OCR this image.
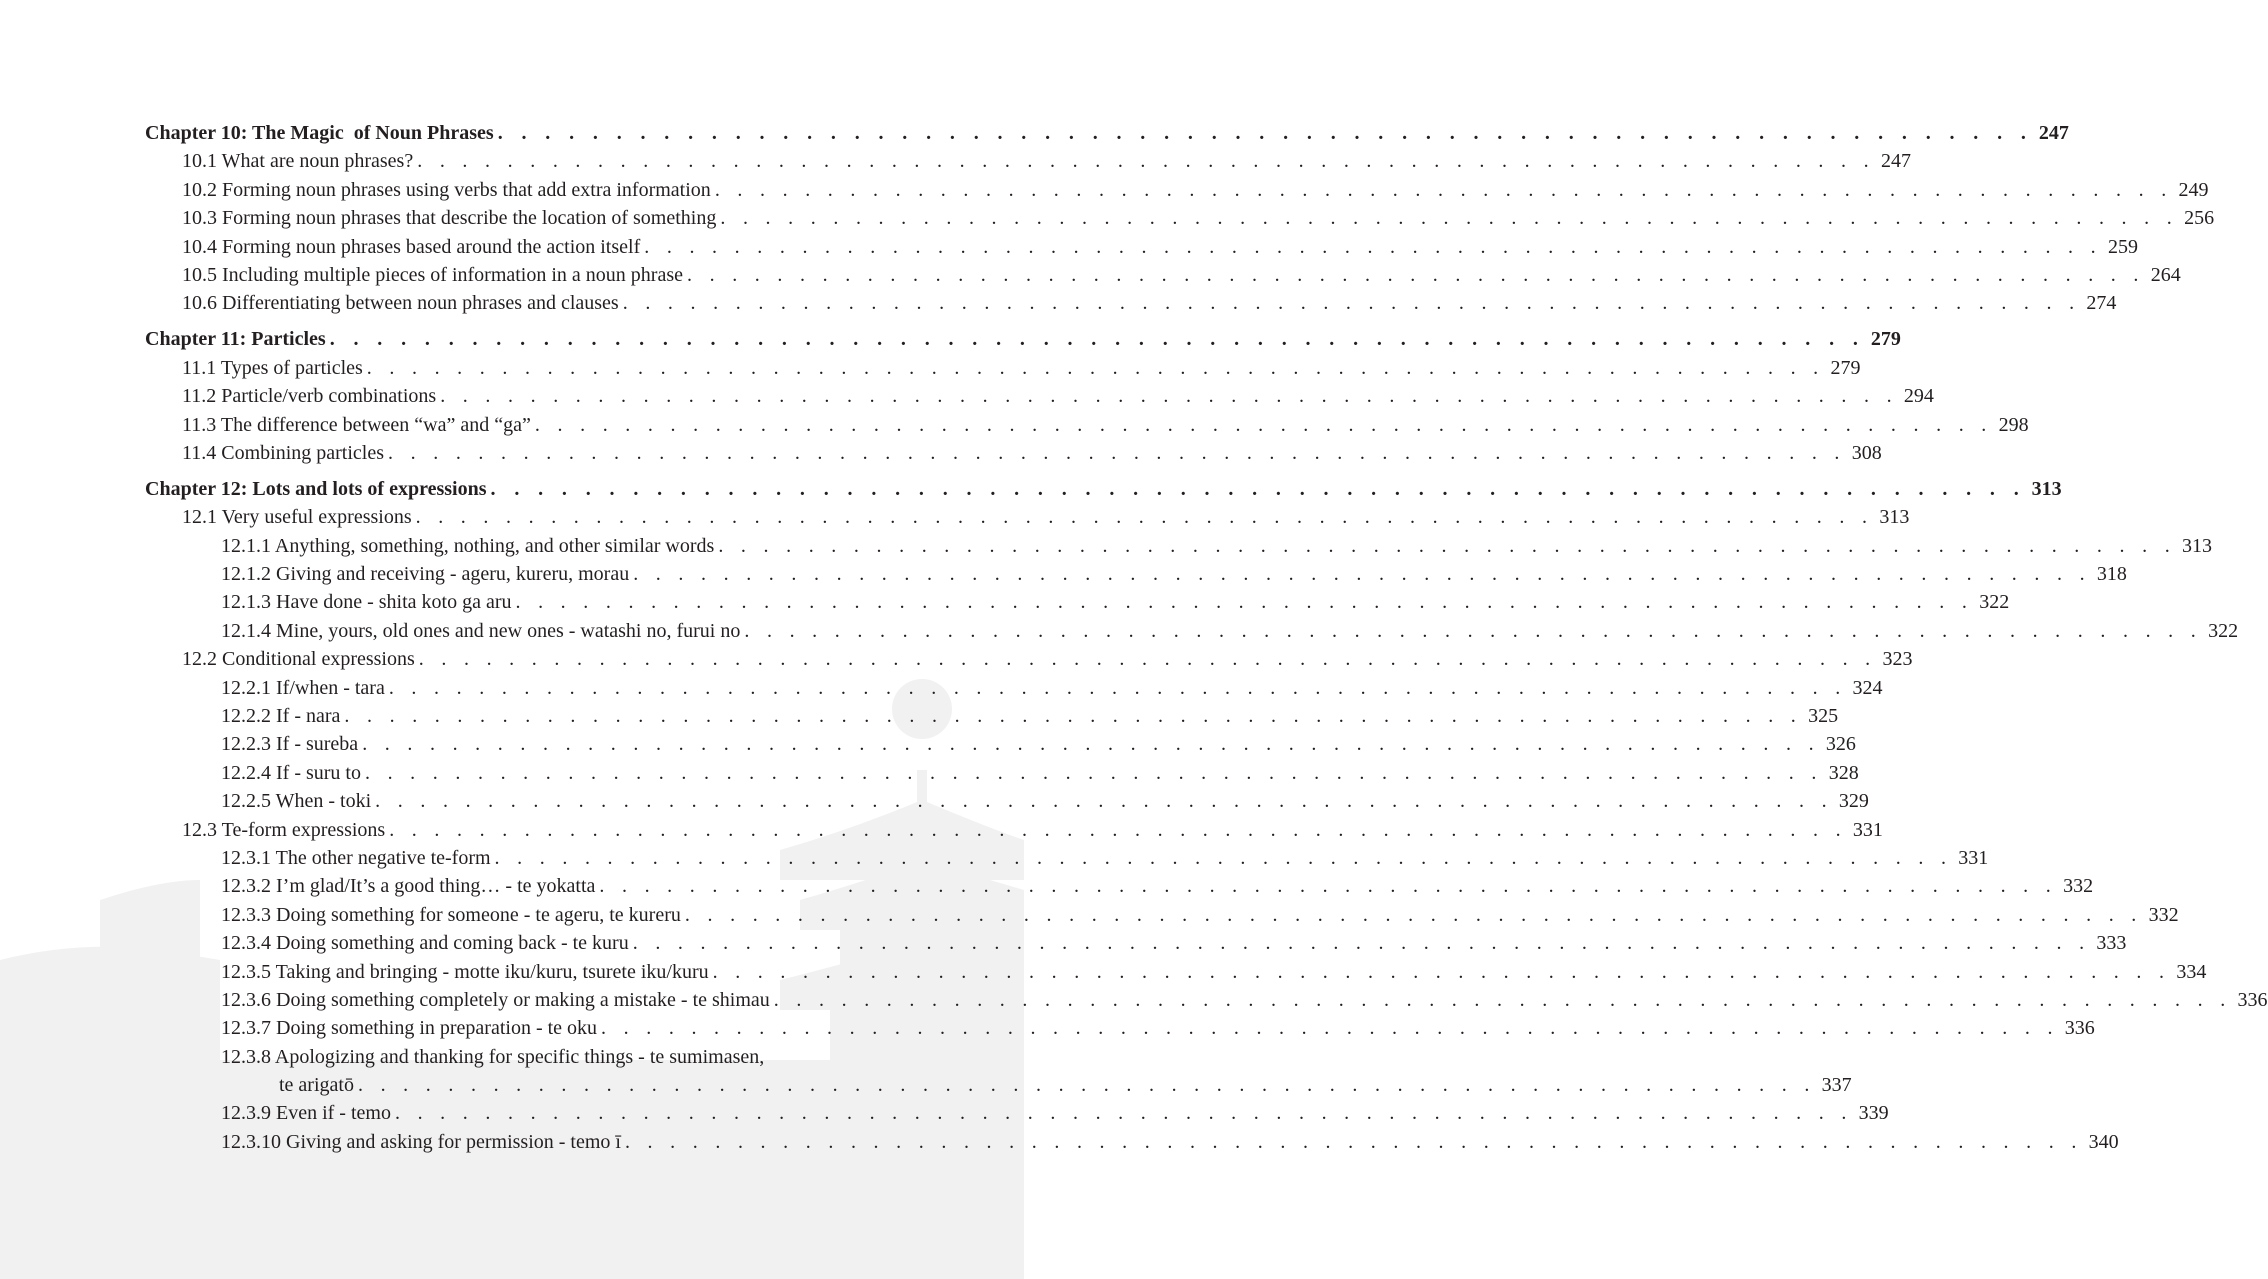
Chapter 10: The Magic  of Noun Phrases . . . . . . . . . . . . . . . . . . . . . . . . . . . . . . . . . . . . . . . . . . . . . . . . . . . . . . . . . . . . . . . . . 247
10.1 What are noun phrases? . . . . . . . . . . . . . . . . . . . . . . . . . . . . . . . . . . . . . . . . . . . . . . . . . . . . . . . . . . . . . . . . . 247
10.2 Forming noun phrases using verbs that add extra information . . . . . . . . . . . . . . . . . . . . . . . . . . . . . . . . . . . . . . . . . . . . . . . . . . . . . . . . . . . . . . . . . 249
10.3 Forming noun phrases that describe the location of something . . . . . . . . . . . . . . . . . . . . . . . . . . . . . . . . . . . . . . . . . . . . . . . . . . . . . . . . . . . . . . . . . 256
10.4 Forming noun phrases based around the action itself . . . . . . . . . . . . . . . . . . . . . . . . . . . . . . . . . . . . . . . . . . . . . . . . . . . . . . . . . . . . . . . . . 259
10.5 Including multiple pieces of information in a noun phrase . . . . . . . . . . . . . . . . . . . . . . . . . . . . . . . . . . . . . . . . . . . . . . . . . . . . . . . . . . . . . . . . . 264
10.6 Differentiating between noun phrases and clauses . . . . . . . . . . . . . . . . . . . . . . . . . . . . . . . . . . . . . . . . . . . . . . . . . . . . . . . . . . . . . . . . . 274
Chapter 11: Particles . . . . . . . . . . . . . . . . . . . . . . . . . . . . . . . . . . . . . . . . . . . . . . . . . . . . . . . . . . . . . . . . . 279
11.1 Types of particles . . . . . . . . . . . . . . . . . . . . . . . . . . . . . . . . . . . . . . . . . . . . . . . . . . . . . . . . . . . . . . . . . 279
11.2 Particle/verb combinations . . . . . . . . . . . . . . . . . . . . . . . . . . . . . . . . . . . . . . . . . . . . . . . . . . . . . . . . . . . . . . . . . 294
11.3 The difference between “wa” and “ga” . . . . . . . . . . . . . . . . . . . . . . . . . . . . . . . . . . . . . . . . . . . . . . . . . . . . . . . . . . . . . . . . . 298
11.4 Combining particles . . . . . . . . . . . . . . . . . . . . . . . . . . . . . . . . . . . . . . . . . . . . . . . . . . . . . . . . . . . . . . . . . 308
Chapter 12: Lots and lots of expressions . . . . . . . . . . . . . . . . . . . . . . . . . . . . . . . . . . . . . . . . . . . . . . . . . . . . . . . . . . . . . . . . . 313
12.1 Very useful expressions . . . . . . . . . . . . . . . . . . . . . . . . . . . . . . . . . . . . . . . . . . . . . . . . . . . . . . . . . . . . . . . . . 313
12.1.1 Anything, something, nothing, and other similar words . . . . . . . . . . . . . . . . . . . . . . . . . . . . . . . . . . . . . . . . . . . . . . . . . . . . . . . . . . . . . . . . . 313
12.1.2 Giving and receiving - ageru, kureru, morau . . . . . . . . . . . . . . . . . . . . . . . . . . . . . . . . . . . . . . . . . . . . . . . . . . . . . . . . . . . . . . . . . 318
12.1.3 Have done - shita koto ga aru . . . . . . . . . . . . . . . . . . . . . . . . . . . . . . . . . . . . . . . . . . . . . . . . . . . . . . . . . . . . . . . . . 322
12.1.4 Mine, yours, old ones and new ones - watashi no, furui no . . . . . . . . . . . . . . . . . . . . . . . . . . . . . . . . . . . . . . . . . . . . . . . . . . . . . . . . . . . . . . . . . 322
12.2 Conditional expressions . . . . . . . . . . . . . . . . . . . . . . . . . . . . . . . . . . . . . . . . . . . . . . . . . . . . . . . . . . . . . . . . . 323
12.2.1 If/when - tara . . . . . . . . . . . . . . . . . . . . . . . . . . . . . . . . . . . . . . . . . . . . . . . . . . . . . . . . . . . . . . . . . 324
12.2.2 If - nara . . . . . . . . . . . . . . . . . . . . . . . . . . . . . . . . . . . . . . . . . . . . . . . . . . . . . . . . . . . . . . . . . 325
12.2.3 If - sureba . . . . . . . . . . . . . . . . . . . . . . . . . . . . . . . . . . . . . . . . . . . . . . . . . . . . . . . . . . . . . . . . . 326
12.2.4 If - suru to . . . . . . . . . . . . . . . . . . . . . . . . . . . . . . . . . . . . . . . . . . . . . . . . . . . . . . . . . . . . . . . . . 328
12.2.5 When - toki . . . . . . . . . . . . . . . . . . . . . . . . . . . . . . . . . . . . . . . . . . . . . . . . . . . . . . . . . . . . . . . . . 329
12.3 Te-form expressions . . . . . . . . . . . . . . . . . . . . . . . . . . . . . . . . . . . . . . . . . . . . . . . . . . . . . . . . . . . . . . . . . 331
12.3.1 The other negative te-form . . . . . . . . . . . . . . . . . . . . . . . . . . . . . . . . . . . . . . . . . . . . . . . . . . . . . . . . . . . . . . . . . 331
12.3.2 I’m glad/It’s a good thing… - te yokatta . . . . . . . . . . . . . . . . . . . . . . . . . . . . . . . . . . . . . . . . . . . . . . . . . . . . . . . . . . . . . . . . . 332
12.3.3 Doing something for someone - te ageru, te kureru . . . . . . . . . . . . . . . . . . . . . . . . . . . . . . . . . . . . . . . . . . . . . . . . . . . . . . . . . . . . . . . . . 332
12.3.4 Doing something and coming back - te kuru . . . . . . . . . . . . . . . . . . . . . . . . . . . . . . . . . . . . . . . . . . . . . . . . . . . . . . . . . . . . . . . . . 333
12.3.5 Taking and bringing - motte iku/kuru, tsurete iku/kuru . . . . . . . . . . . . . . . . . . . . . . . . . . . . . . . . . . . . . . . . . . . . . . . . . . . . . . . . . . . . . . . . . 334
12.3.6 Doing something completely or making a mistake - te shimau . . . . . . . . . . . . . . . . . . . . . . . . . . . . . . . . . . . . . . . . . . . . . . . . . . . . . . . . . . . . . . . . . 336
12.3.7 Doing something in preparation - te oku . . . . . . . . . . . . . . . . . . . . . . . . . . . . . . . . . . . . . . . . . . . . . . . . . . . . . . . . . . . . . . . . . 336
12.3.8 Apologizing and thanking for specific things - te sumimasen,
te arigatō . . . . . . . . . . . . . . . . . . . . . . . . . . . . . . . . . . . . . . . . . . . . . . . . . . . . . . . . . . . . . . . . . 337
12.3.9 Even if - temo . . . . . . . . . . . . . . . . . . . . . . . . . . . . . . . . . . . . . . . . . . . . . . . . . . . . . . . . . . . . . . . . . 339
12.3.10 Giving and asking for permission - temo ī . . . . . . . . . . . . . . . . . . . . . . . . . . . . . . . . . . . . . . . . . . . . . . . . . . . . . . . . . . . . . . . . . 340
